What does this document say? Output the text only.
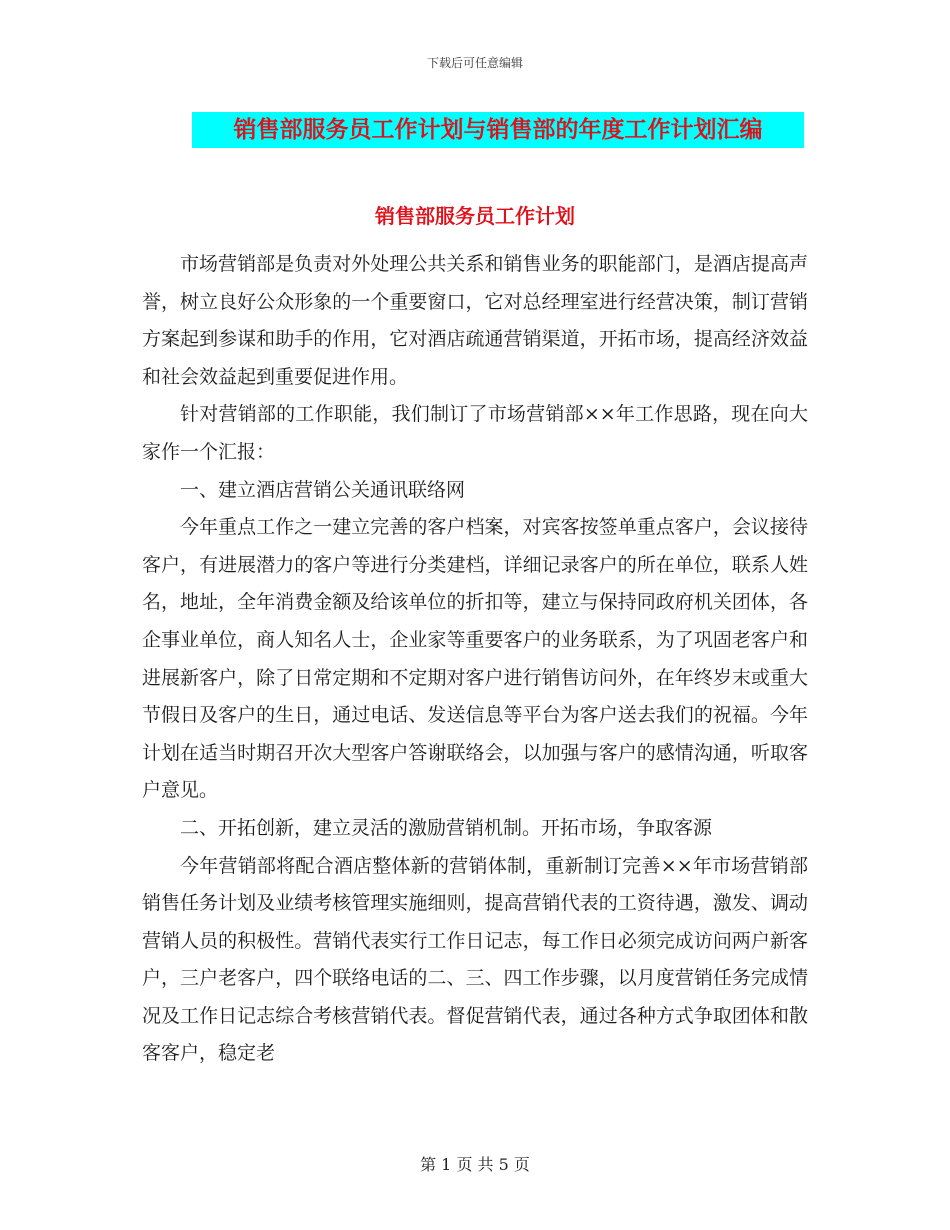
下载后可任意编辑
销售部服务员工作计划与销售部的年度工作计划汇编
销售部服务员工作计划

市场营销部是负责对外处理公共关系和销售业务的职能部门，是酒店提高声誉，树立良好公众形象的一个重要窗口，它对总经理室进行经营决策，制订营销方案起到参谋和助手的作用，它对酒店疏通营销渠道，开拓市场，提高经济效益和社会效益起到重要促进作用。

针对营销部的工作职能，我们制订了市场营销部××年工作思路，现在向大家作一个汇报：

一、建立酒店营销公关通讯联络网

今年重点工作之一建立完善的客户档案，对宾客按签单重点客户，会议接待客户，有进展潜力的客户等进行分类建档，详细记录客户的所在单位，联系人姓名，地址，全年消费金额及给该单位的折扣等，建立与保持同政府机关团体，各企事业单位，商人知名人士，企业家等重要客户的业务联系，为了巩固老客户和进展新客户，除了日常定期和不定期对客户进行销售访问外，在年终岁末或重大节假日及客户的生日，通过电话、发送信息等平台为客户送去我们的祝福。今年计划在适当时期召开次大型客户答谢联络会，以加强与客户的感情沟通，听取客户意见。

二、开拓创新，建立灵活的激励营销机制。开拓市场，争取客源

今年营销部将配合酒店整体新的营销体制，重新制订完善××年市场营销部销售任务计划及业绩考核管理实施细则，提高营销代表的工资待遇，激发、调动营销人员的积极性。营销代表实行工作日记志，每工作日必须完成访问两户新客户，三户老客户，四个联络电话的二、三、四工作步骤，以月度营销任务完成情况及工作日记志综合考核营销代表。督促营销代表，通过各种方式争取团体和散客客户，稳定老

第 1 页 共 5 页
